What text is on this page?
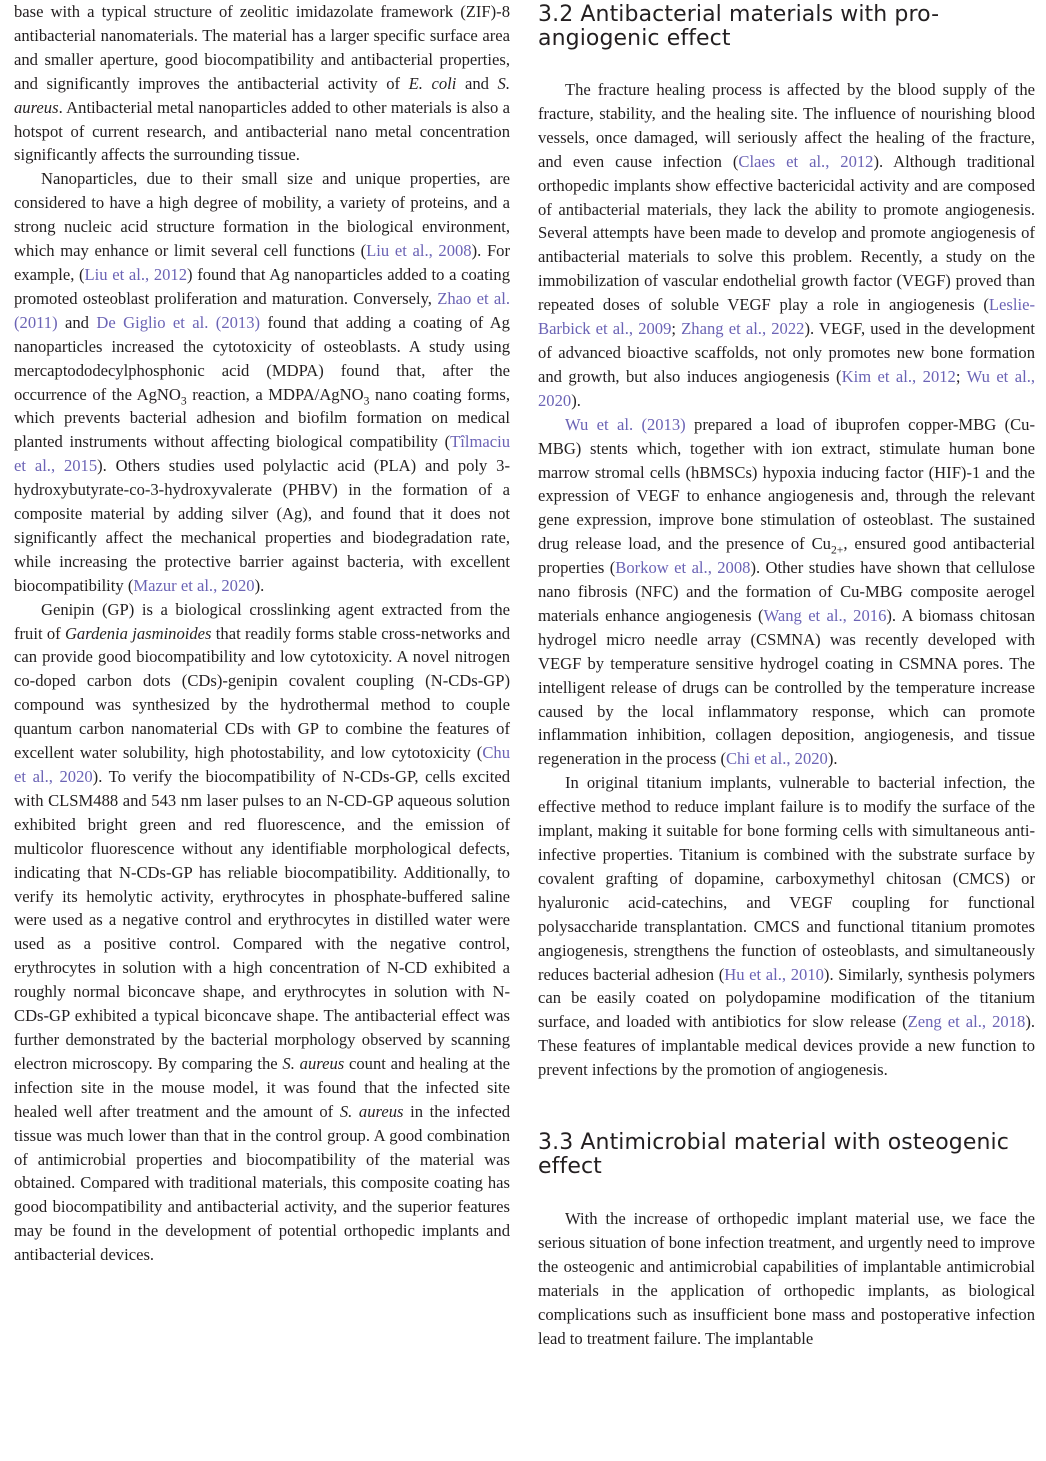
base with a typical structure of zeolitic imidazolate framework (ZIF)-8 antibacterial nanomaterials. The material has a larger specific surface area and smaller aperture, good biocompatibility and antibacterial properties, and significantly improves the antibacterial activity of E. coli and S. aureus. Antibacterial metal nanoparticles added to other materials is also a hotspot of current research, and antibacterial nano metal concentration significantly affects the surrounding tissue.

Nanoparticles, due to their small size and unique properties, are considered to have a high degree of mobility, a variety of proteins, and a strong nucleic acid structure formation in the biological environment, which may enhance or limit several cell functions (Liu et al., 2008). For example, (Liu et al., 2012) found that Ag nanoparticles added to a coating promoted osteoblast proliferation and maturation. Conversely, Zhao et al. (2011) and De Giglio et al. (2013) found that adding a coating of Ag nanoparticles increased the cytotoxicity of osteoblasts. A study using mercaptododecylphosphonic acid (MDPA) found that, after the occurrence of the AgNO$_3$ reaction, a MDPA/AgNO$_3$ nano coating forms, which prevents bacterial adhesion and biofilm formation on medical planted instruments without affecting biological compatibility (Tîlmaciu et al., 2015). Others studies used polylactic acid (PLA) and poly 3-hydroxybutyrate-co-3-hydroxyvalerate (PHBV) in the formation of a composite material by adding silver (Ag), and found that it does not significantly affect the mechanical properties and biodegradation rate, while increasing the protective barrier against bacteria, with excellent biocompatibility (Mazur et al., 2020).

Genipin (GP) is a biological crosslinking agent extracted from the fruit of Gardenia jasminoides that readily forms stable cross-networks and can provide good biocompatibility and low cytotoxicity. A novel nitrogen co-doped carbon dots (CDs)-genipin covalent coupling (N-CDs-GP) compound was synthesized by the hydrothermal method to couple quantum carbon nanomaterial CDs with GP to combine the features of excellent water solubility, high photostability, and low cytotoxicity (Chu et al., 2020). To verify the biocompatibility of N-CDs-GP, cells excited with CLSM488 and 543 nm laser pulses to an N-CD-GP aqueous solution exhibited bright green and red fluorescence, and the emission of multicolor fluorescence without any identifiable morphological defects, indicating that N-CDs-GP has reliable biocompatibility. Additionally, to verify its hemolytic activity, erythrocytes in phosphate-buffered saline were used as a negative control and erythrocytes in distilled water were used as a positive control. Compared with the negative control, erythrocytes in solution with a high concentration of N-CD exhibited a roughly normal biconcave shape, and erythrocytes in solution with N-CDs-GP exhibited a typical biconcave shape. The antibacterial effect was further demonstrated by the bacterial morphology observed by scanning electron microscopy. By comparing the S. aureus count and healing at the infection site in the mouse model, it was found that the infected site healed well after treatment and the amount of S. aureus in the infected tissue was much lower than that in the control group. A good combination of antimicrobial properties and biocompatibility of the material was obtained. Compared with traditional materials, this composite coating has good biocompatibility and antibacterial activity, and the superior features may be found in the development of potential orthopedic implants and antibacterial devices.

3.2 Antibacterial materials with pro-angiogenic effect

The fracture healing process is affected by the blood supply of the fracture, stability, and the healing site. The influence of nourishing blood vessels, once damaged, will seriously affect the healing of the fracture, and even cause infection (Claes et al., 2012). Although traditional orthopedic implants show effective bactericidal activity and are composed of antibacterial materials, they lack the ability to promote angiogenesis. Several attempts have been made to develop and promote angiogenesis of antibacterial materials to solve this problem. Recently, a study on the immobilization of vascular endothelial growth factor (VEGF) proved than repeated doses of soluble VEGF play a role in angiogenesis (Leslie-Barbick et al., 2009; Zhang et al., 2022). VEGF, used in the development of advanced bioactive scaffolds, not only promotes new bone formation and growth, but also induces angiogenesis (Kim et al., 2012; Wu et al., 2020).

Wu et al. (2013) prepared a load of ibuprofen copper-MBG (Cu-MBG) stents which, together with ion extract, stimulate human bone marrow stromal cells (hBMSCs) hypoxia inducing factor (HIF)-1 and the expression of VEGF to enhance angiogenesis and, through the relevant gene expression, improve bone stimulation of osteoblast. The sustained drug release load, and the presence of $Cu_{2+}$, ensured good antibacterial properties (Borkow et al., 2008). Other studies have shown that cellulose nano fibrosis (NFC) and the formation of Cu-MBG composite aerogel materials enhance angiogenesis (Wang et al., 2016). A biomass chitosan hydrogel micro needle array (CSMNA) was recently developed with VEGF by temperature sensitive hydrogel coating in CSMNA pores. The intelligent release of drugs can be controlled by the temperature increase caused by the local inflammatory response, which can promote inflammation inhibition, collagen deposition, angiogenesis, and tissue regeneration in the process (Chi et al., 2020).

In original titanium implants, vulnerable to bacterial infection, the effective method to reduce implant failure is to modify the surface of the implant, making it suitable for bone forming cells with simultaneous anti-infective properties. Titanium is combined with the substrate surface by covalent grafting of dopamine, carboxymethyl chitosan (CMCS) or hyaluronic acid-catechins, and VEGF coupling for functional polysaccharide transplantation. CMCS and functional titanium promotes angiogenesis, strengthens the function of osteoblasts, and simultaneously reduces bacterial adhesion (Hu et al., 2010). Similarly, synthesis polymers can be easily coated on polydopamine modification of the titanium surface, and loaded with antibiotics for slow release (Zeng et al., 2018). These features of implantable medical devices provide a new function to prevent infections by the promotion of angiogenesis.

3.3 Antimicrobial material with osteogenic effect

With the increase of orthopedic implant material use, we face the serious situation of bone infection treatment, and urgently need to improve the osteogenic and antimicrobial capabilities of implantable antimicrobial materials in the application of orthopedic implants, as biological complications such as insufficient bone mass and postoperative infection lead to treatment failure. The implantable
